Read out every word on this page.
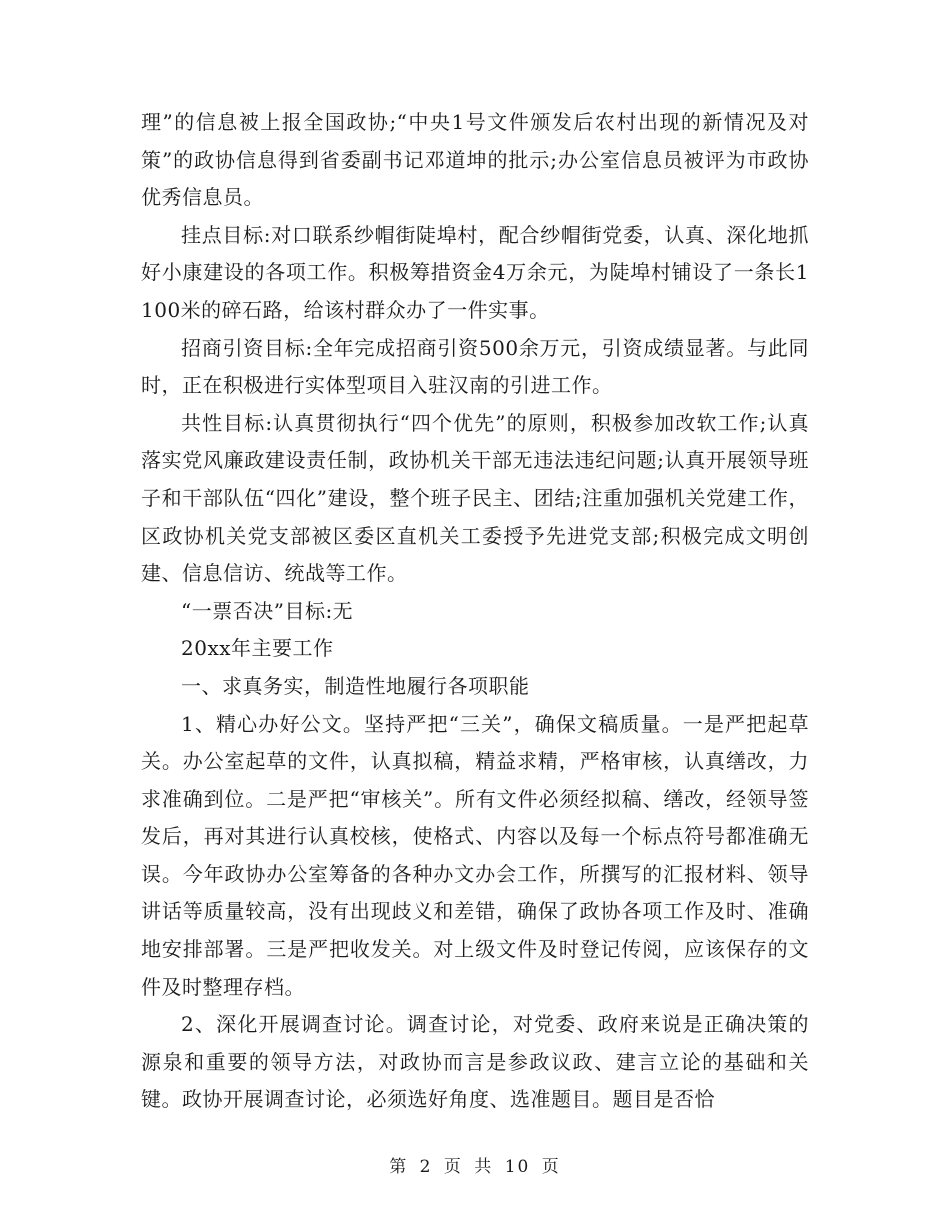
理”的信息被上报全国政协;“中央1号文件颁发后农村出现的新情况及对策”的政协信息得到省委副书记邓道坤的批示;办公室信息员被评为市政协优秀信息员。

挂点目标:对口联系纱帽街陡埠村，配合纱帽街党委，认真、深化地抓好小康建设的各项工作。积极筹措资金4万余元，为陡埠村铺设了一条长1100米的碎石路，给该村群众办了一件实事。

招商引资目标:全年完成招商引资500余万元，引资成绩显著。与此同时，正在积极进行实体型项目入驻汉南的引进工作。

共性目标:认真贯彻执行“四个优先”的原则，积极参加改软工作;认真落实党风廉政建设责任制，政协机关干部无违法违纪问题;认真开展领导班子和干部队伍“四化”建设，整个班子民主、团结;注重加强机关党建工作，区政协机关党支部被区委区直机关工委授予先进党支部;积极完成文明创建、信息信访、统战等工作。

“一票否决”目标:无

20xx年主要工作

一、求真务实，制造性地履行各项职能

1、精心办好公文。坚持严把“三关”，确保文稿质量。一是严把起草关。办公室起草的文件，认真拟稿，精益求精，严格审核，认真缮改，力求准确到位。二是严把“审核关”。所有文件必须经拟稿、缮改，经领导签发后，再对其进行认真校核，使格式、内容以及每一个标点符号都准确无误。今年政协办公室筹备的各种办文办会工作，所撰写的汇报材料、领导讲话等质量较高，没有出现歧义和差错，确保了政协各项工作及时、准确地安排部署。三是严把收发关。对上级文件及时登记传阅，应该保存的文件及时整理存档。

2、深化开展调查讨论。调查讨论，对党委、政府来说是正确决策的源泉和重要的领导方法，对政协而言是参政议政、建言立论的基础和关键。政协开展调查讨论，必须选好角度、选准题目。题目是否恰

第 2 页 共 10 页
